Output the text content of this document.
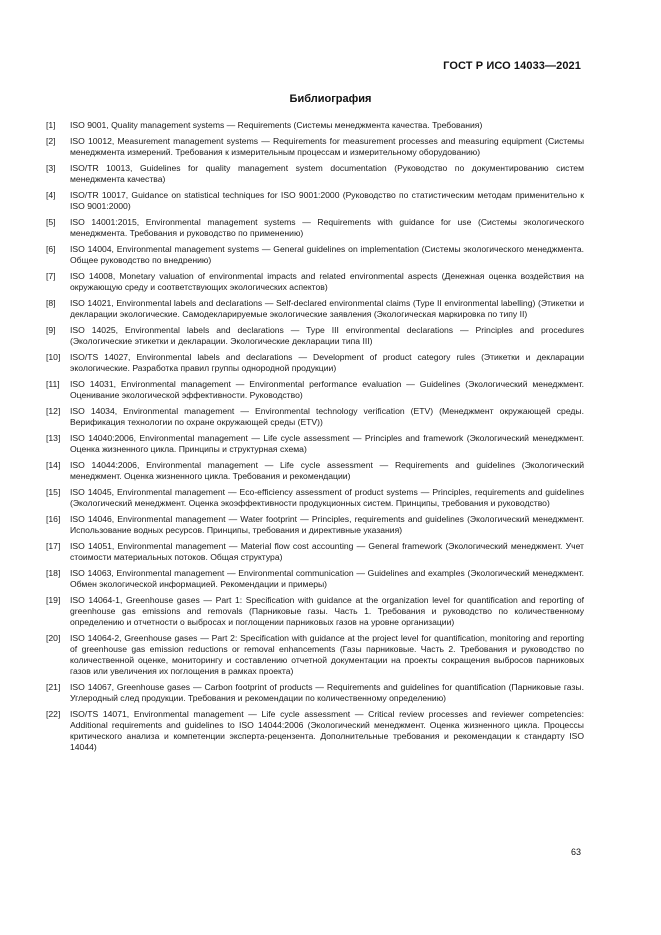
ГОСТ Р ИСО 14033—2021
Библиография
[1]	ISO 9001, Quality management systems — Requirements (Системы менеджмента качества. Требования)
[2]	ISO 10012, Measurement management systems — Requirements for measurement processes and measuring equipment (Системы менеджмента измерений. Требования к измерительным процессам и измерительному оборудованию)
[3]	ISO/TR 10013, Guidelines for quality management system documentation (Руководство по документированию систем менеджмента качества)
[4]	ISO/TR 10017, Guidance on statistical techniques for ISO 9001:2000 (Руководство по статистическим методам применительно к ISO 9001:2000)
[5]	ISO 14001:2015, Environmental management systems — Requirements with guidance for use (Системы экологического менеджмента. Требования и руководство по применению)
[6]	ISO 14004, Environmental management systems — General guidelines on implementation (Системы экологического менеджмента. Общее руководство по внедрению)
[7]	ISO 14008, Monetary valuation of environmental impacts and related environmental aspects (Денежная оценка воздействия на окружающую среду и соответствующих экологических аспектов)
[8]	ISO 14021, Environmental labels and declarations — Self-declared environmental claims (Type II environmental labelling) (Этикетки и декларации экологические. Самодекларируемые экологические заявления (Экологическая маркировка по типу II)
[9]	ISO 14025, Environmental labels and declarations — Type III environmental declarations — Principles and procedures (Экологические этикетки и декларации. Экологические декларации типа III)
[10]	ISO/TS 14027, Environmental labels and declarations — Development of product category rules (Этикетки и декларации экологические. Разработка правил группы однородной продукции)
[11]	ISO 14031, Environmental management — Environmental performance evaluation — Guidelines (Экологический менеджмент. Оценивание экологической эффективности. Руководство)
[12]	ISO 14034, Environmental management — Environmental technology verification (ETV) (Менеджмент окружающей среды. Верификация технологии по охране окружающей среды (ETV))
[13]	ISO 14040:2006, Environmental management — Life cycle assessment — Principles and framework (Экологический менеджмент. Оценка жизненного цикла. Принципы и структурная схема)
[14]	ISO 14044:2006, Environmental management — Life cycle assessment — Requirements and guidelines (Экологический менеджмент. Оценка жизненного цикла. Требования и рекомендации)
[15]	ISO 14045, Environmental management — Eco-efficiency assessment of product systems — Principles, requirements and guidelines (Экологический менеджмент. Оценка экоэффективности продукционных систем. Принципы, требования и руководство)
[16]	ISO 14046, Environmental management — Water footprint — Principles, requirements and guidelines (Экологический менеджмент. Использование водных ресурсов. Принципы, требования и директивные указания)
[17]	ISO 14051, Environmental management — Material flow cost accounting — General framework (Экологический менеджмент. Учет стоимости материальных потоков. Общая структура)
[18]	ISO 14063, Environmental management — Environmental communication — Guidelines and examples (Экологический менеджмент. Обмен экологической информацией. Рекомендации и примеры)
[19]	ISO 14064-1, Greenhouse gases — Part 1: Specification with guidance at the organization level for quantification and reporting of greenhouse gas emissions and removals (Парниковые газы. Часть 1. Требования и руководство по количественному определению и отчетности о выбросах и поглощении парниковых газов на уровне организации)
[20]	ISO 14064-2, Greenhouse gases — Part 2: Specification with guidance at the project level for quantification, monitoring and reporting of greenhouse gas emission reductions or removal enhancements (Газы парниковые. Часть 2. Требования и руководство по количественной оценке, мониторингу и составлению отчетной документации на проекты сокращения выбросов парниковых газов или увеличения их поглощения в рамках проекта)
[21]	ISO 14067, Greenhouse gases — Carbon footprint of products — Requirements and guidelines for quantification (Парниковые газы. Углеродный след продукции. Требования и рекомендации по количественному определению)
[22]	ISO/TS 14071, Environmental management — Life cycle assessment — Critical review processes and reviewer competencies: Additional requirements and guidelines to ISO 14044:2006 (Экологический менеджмент. Оценка жизненного цикла. Процессы критического анализа и компетенции эксперта-рецензента. Дополнительные требования и рекомендации к стандарту ISO 14044)
63
